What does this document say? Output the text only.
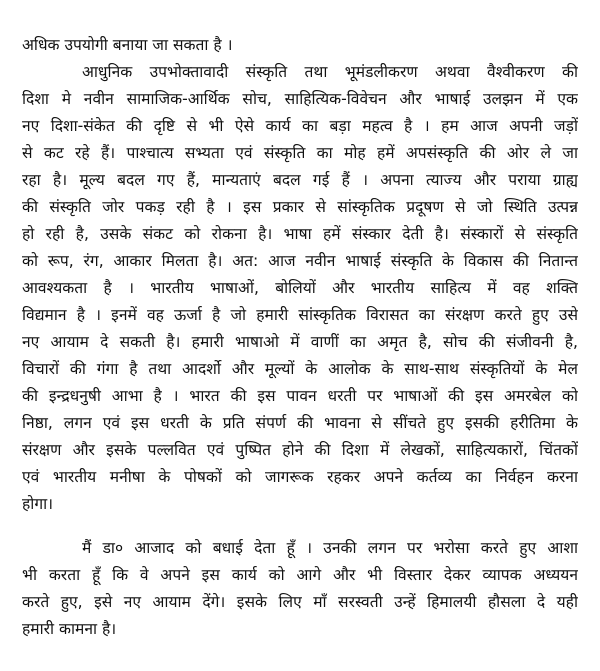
अधिक उपयोगी बनाया जा सकता है ।
आधुनिक उपभोक्तावादी संस्कृति तथा भूमंडलीकरण अथवा वैश्वीकरण की
दिशा मे नवीन सामाजिक-आर्थिक सोच, साहित्यिक-विवेचन और भाषाई उलझन में एक
नए दिशा-संकेत की दृष्टि से भी ऐसे कार्य का बड़ा महत्व है । हम आज अपनी जड़ों
से कट रहे हैं। पाश्चात्य सभ्यता एवं संस्कृति का मोह हमें अपसंस्कृति की ओर ले जा
रहा है। मूल्य बदल गए हैं, मान्यताएं बदल गई हैं । अपना त्याज्य और पराया ग्राह्य
की संस्कृति जोर पकड़ रही है । इस प्रकार से सांस्कृतिक प्रदूषण से जो स्थिति उत्पन्न
हो रही है, उसके संकट को रोकना है। भाषा हमें संस्कार देती है। संस्कारों से संस्कृति
को रूप, रंग, आकार मिलता है। अत: आज नवीन भाषाई संस्कृति के विकास की नितान्त
आवश्यकता है । भारतीय भाषाओं, बोलियों और भारतीय साहित्य में वह शक्ति
विद्यमान है । इनमें वह ऊर्जा है जो हमारी सांस्कृतिक विरासत का संरक्षण करते हुए उसे
नए आयाम दे सकती है। हमारी भाषाओ में वाणीं का अमृत है, सोच की संजीवनी है,
विचारों की गंगा है तथा आदर्शो और मूल्यों के आलोक के साथ-साथ संस्कृतियों के मेल
की इन्द्रधनुषी आभा है । भारत की इस पावन धरती पर भाषाओं की इस अमरबेल को
निष्ठा, लगन एवं इस धरती के प्रति संपर्ण की भावना से सींचते हुए इसकी हरीतिमा के
संरक्षण और इसके पल्लवित एवं पुष्पित होने की दिशा में लेखकों, साहित्यकारों, चिंतकों
एवं भारतीय मनीषा के पोषकों को जागरूक रहकर अपने कर्तव्य का निर्वहन करना
होगा।
मैं डा० आजाद को बधाई देता हूँ । उनकी लगन पर भरोसा करते हुए आशा
भी करता हूँ कि वे अपने इस कार्य को आगे और भी विस्तार देकर व्यापक अध्ययन
करते हुए, इसे नए आयाम देंगे। इसके लिए माँ सरस्वती उन्हें हिमालयी हौसला दे यही
हमारी कामना है।
